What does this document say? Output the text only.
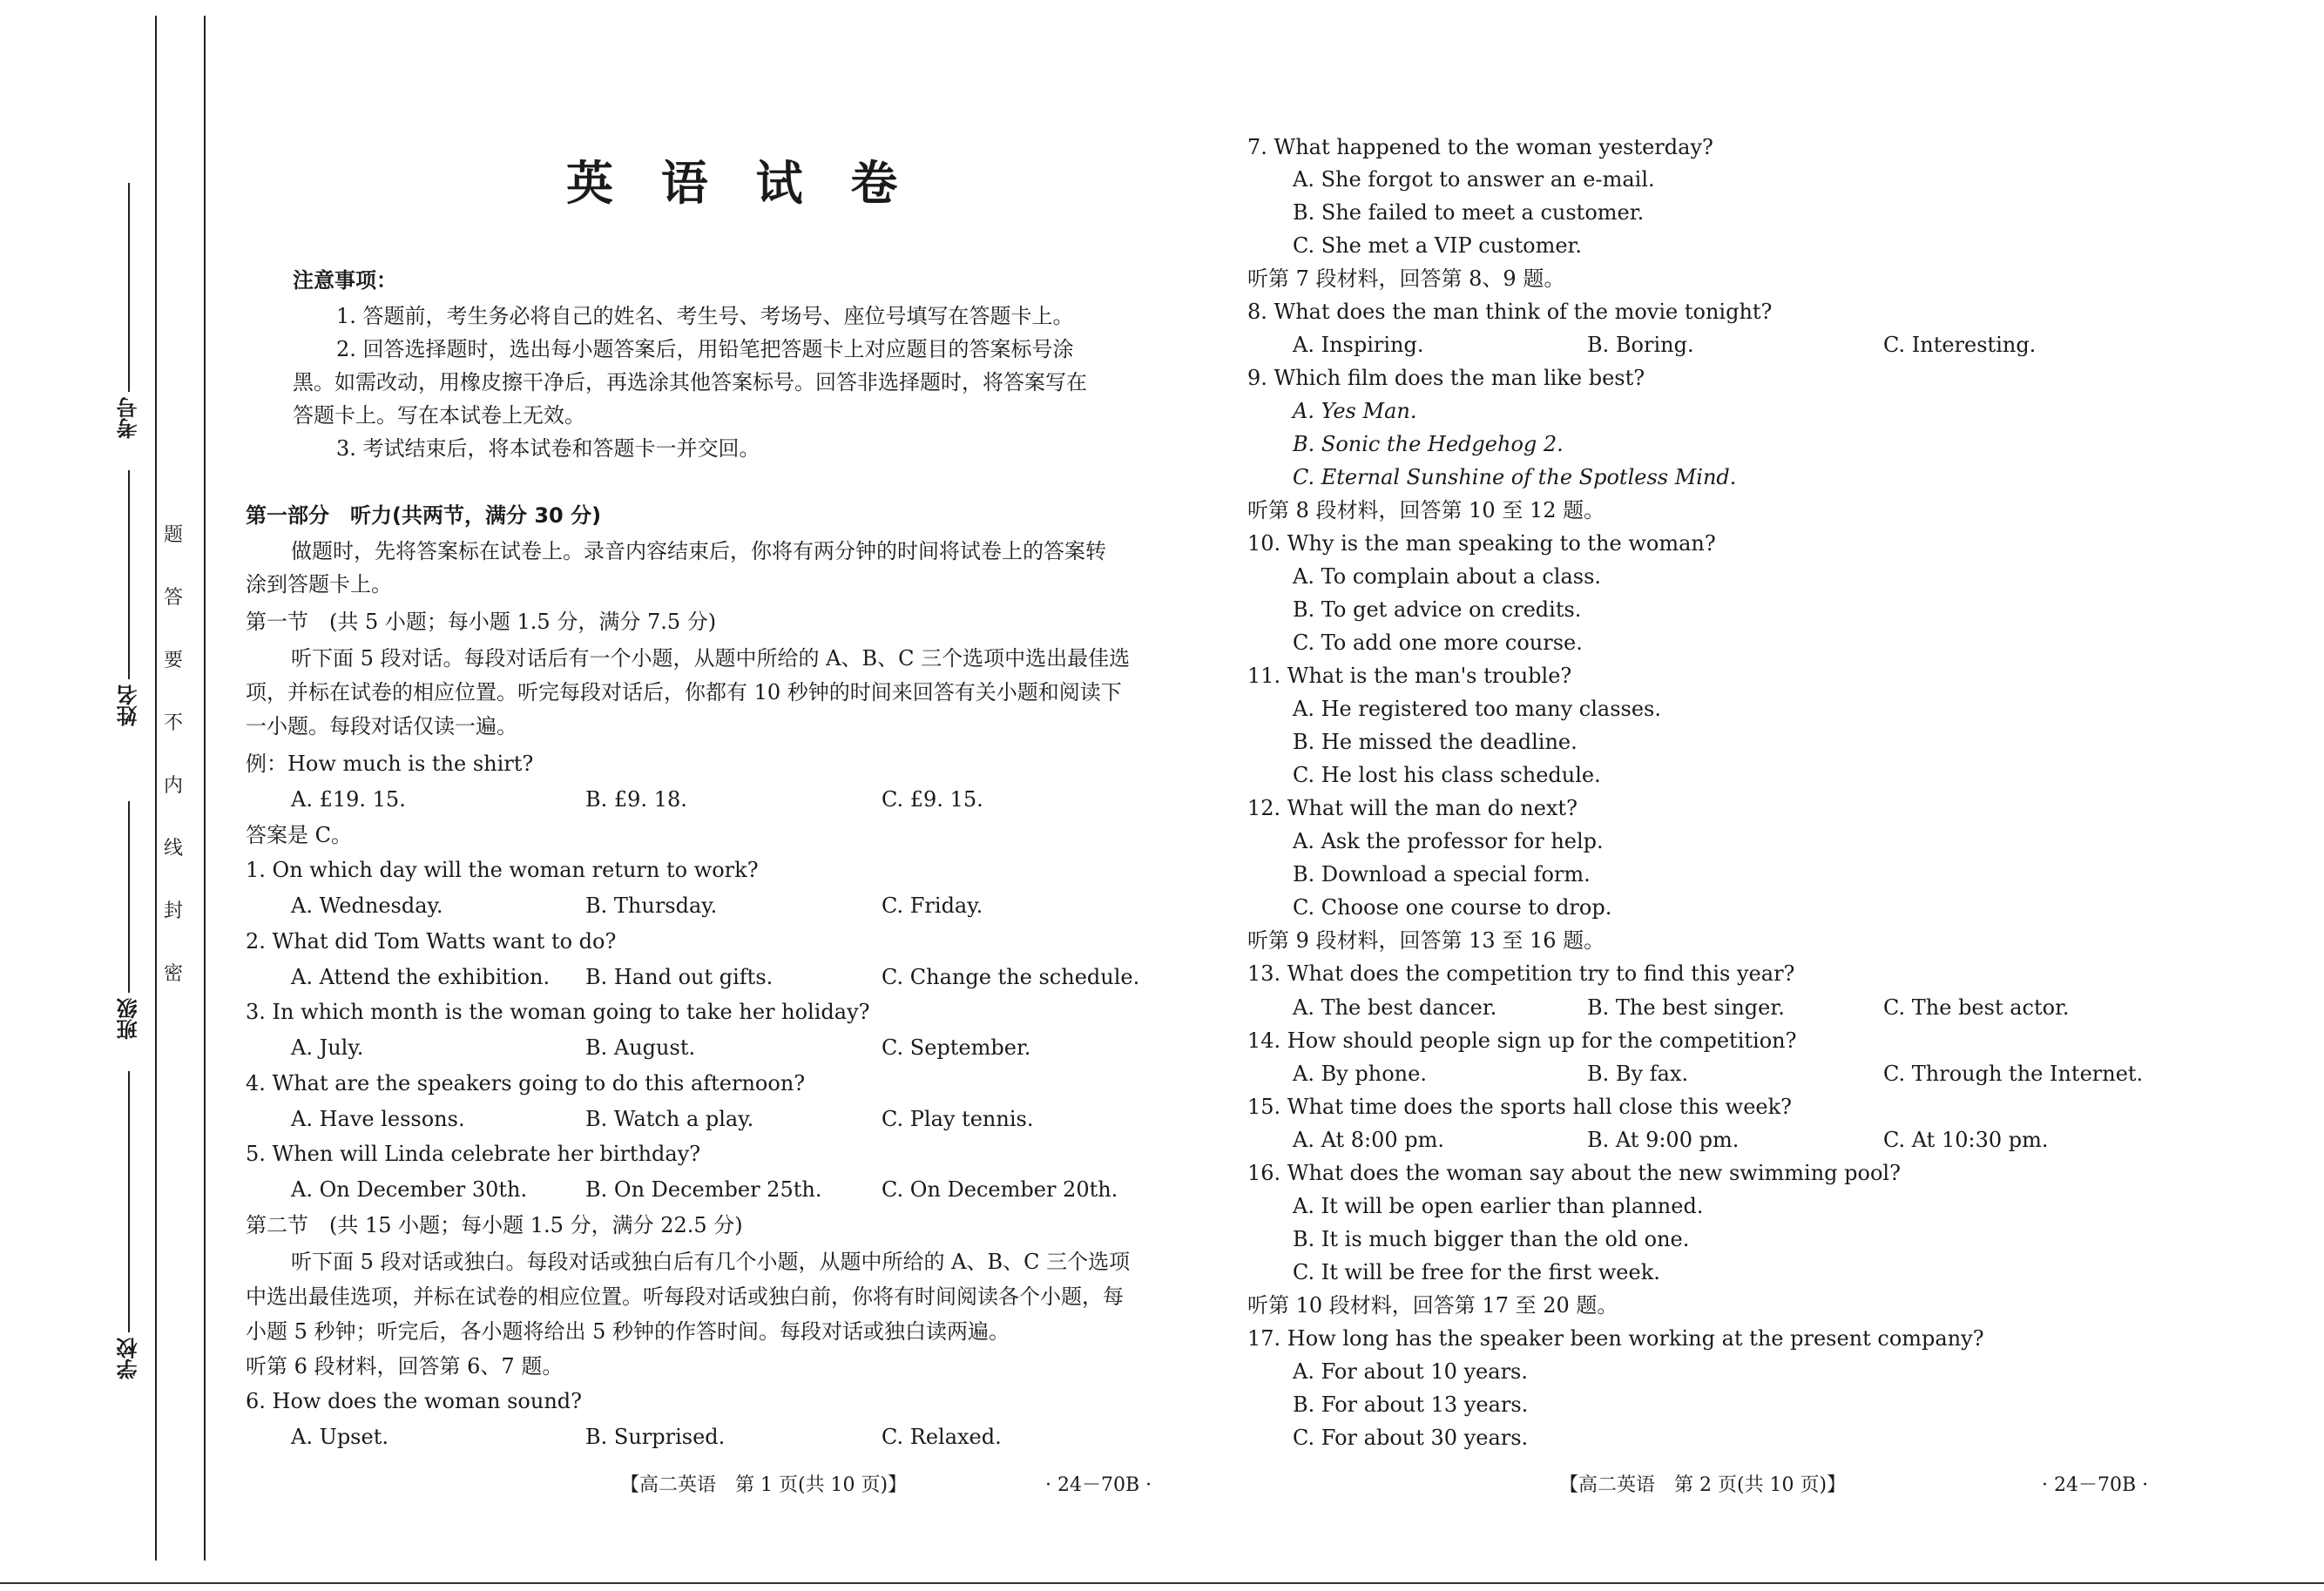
考号
姓名
班级
学校
题
答
要
不
内
线
封
密
英 语 试 卷
注意事项：
1. 答题前，考生务必将自己的姓名、考生号、考场号、座位号填写在答题卡上。
2. 回答选择题时，选出每小题答案后，用铅笔把答题卡上对应题目的答案标号涂
黑。如需改动，用橡皮擦干净后，再选涂其他答案标号。回答非选择题时，将答案写在
答题卡上。写在本试卷上无效。
3. 考试结束后，将本试卷和答题卡一并交回。
第一部分　听力(共两节，满分 30 分)
做题时，先将答案标在试卷上。录音内容结束后，你将有两分钟的时间将试卷上的答案转
涂到答题卡上。
第一节　(共 5 小题；每小题 1.5 分，满分 7.5 分)
听下面 5 段对话。每段对话后有一个小题，从题中所给的 A、B、C 三个选项中选出最佳选
项，并标在试卷的相应位置。听完每段对话后，你都有 10 秒钟的时间来回答有关小题和阅读下
一小题。每段对话仅读一遍。
例：How much is the shirt?
A. £19. 15.	B. £9. 18.	C. £9. 15.
答案是 C。
1. On which day will the woman return to work?
A. Wednesday.	B. Thursday.	C. Friday.
2. What did Tom Watts want to do?
A. Attend the exhibition. B. Hand out gifts.	C. Change the schedule.
3. In which month is the woman going to take her holiday?
A. July.	B. August.	C. September.
4. What are the speakers going to do this afternoon?
A. Have lessons.	B. Watch a play.	C. Play tennis.
5. When will Linda celebrate her birthday?
A. On December 30th.	B. On December 25th.	C. On December 20th.
第二节　(共 15 小题；每小题 1.5 分，满分 22.5 分)
听下面 5 段对话或独白。每段对话或独白后有几个小题，从题中所给的 A、B、C 三个选项
中选出最佳选项，并标在试卷的相应位置。听每段对话或独白前，你将有时间阅读各个小题，每
小题 5 秒钟；听完后，各小题将给出 5 秒钟的作答时间。每段对话或独白读两遍。
听第 6 段材料，回答第 6、7 题。
6. How does the woman sound?
A. Upset.	B. Surprised.	C. Relaxed.
【高二英语　第 1 页(共 10 页)】	· 24－70B ·
7. What happened to the woman yesterday?
A. She forgot to answer an e-mail.
B. She failed to meet a customer.
C. She met a VIP customer.
听第 7 段材料，回答第 8、9 题。
8. What does the man think of the movie tonight?
A. Inspiring.	B. Boring.	C. Interesting.
9. Which film does the man like best?
A. Yes Man.
B. Sonic the Hedgehog 2.
C. Eternal Sunshine of the Spotless Mind.
听第 8 段材料，回答第 10 至 12 题。
10. Why is the man speaking to the woman?
A. To complain about a class.
B. To get advice on credits.
C. To add one more course.
11. What is the man's trouble?
A. He registered too many classes.
B. He missed the deadline.
C. He lost his class schedule.
12. What will the man do next?
A. Ask the professor for help.
B. Download a special form.
C. Choose one course to drop.
听第 9 段材料，回答第 13 至 16 题。
13. What does the competition try to find this year?
A. The best dancer.	B. The best singer.	C. The best actor.
14. How should people sign up for the competition?
A. By phone.	B. By fax.	C. Through the Internet.
15. What time does the sports hall close this week?
A. At 8:00 pm.	B. At 9:00 pm.	C. At 10:30 pm.
16. What does the woman say about the new swimming pool?
A. It will be open earlier than planned.
B. It is much bigger than the old one.
C. It will be free for the first week.
听第 10 段材料，回答第 17 至 20 题。
17. How long has the speaker been working at the present company?
A. For about 10 years.
B. For about 13 years.
C. For about 30 years.
【高二英语　第 2 页(共 10 页)】	· 24－70B ·
